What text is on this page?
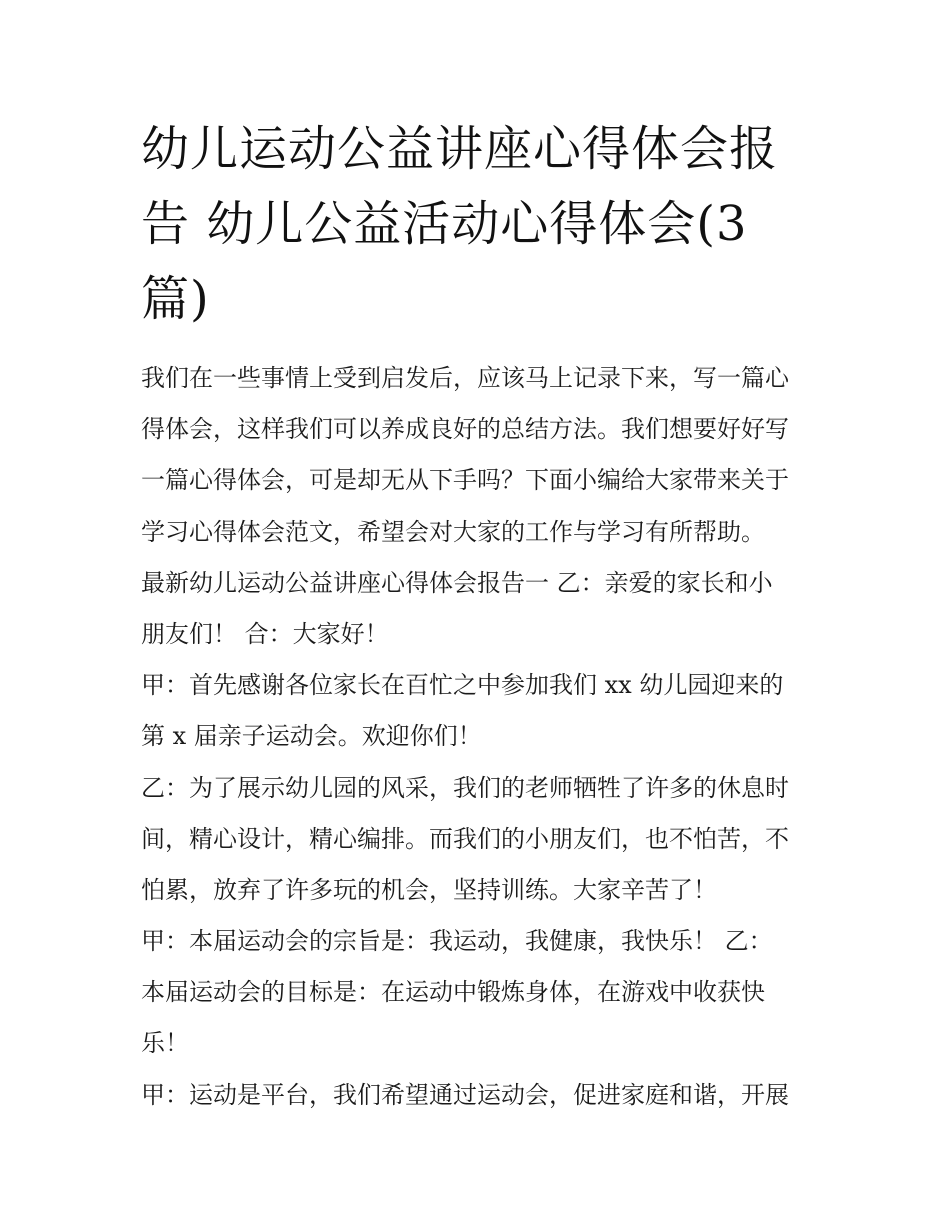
幼儿运动公益讲座心得体会报
告 幼儿公益活动心得体会(3
篇)
我们在一些事情上受到启发后，应该马上记录下来，写一篇心
得体会，这样我们可以养成良好的总结方法。我们想要好好写
一篇心得体会，可是却无从下手吗？下面小编给大家带来关于
学习心得体会范文，希望会对大家的工作与学习有所帮助。
最新幼儿运动公益讲座心得体会报告一 乙：亲爱的家长和小
朋友们！ 合：大家好！
甲：首先感谢各位家长在百忙之中参加我们 xx 幼儿园迎来的
第 x 届亲子运动会。欢迎你们！
乙：为了展示幼儿园的风采，我们的老师牺牲了许多的休息时
间，精心设计，精心编排。而我们的小朋友们，也不怕苦，不
怕累，放弃了许多玩的机会，坚持训练。大家辛苦了！
甲：本届运动会的宗旨是：我运动，我健康，我快乐！ 乙：
本届运动会的目标是：在运动中锻炼身体，在游戏中收获快
乐！
甲：运动是平台，我们希望通过运动会，促进家庭和谐，开展
